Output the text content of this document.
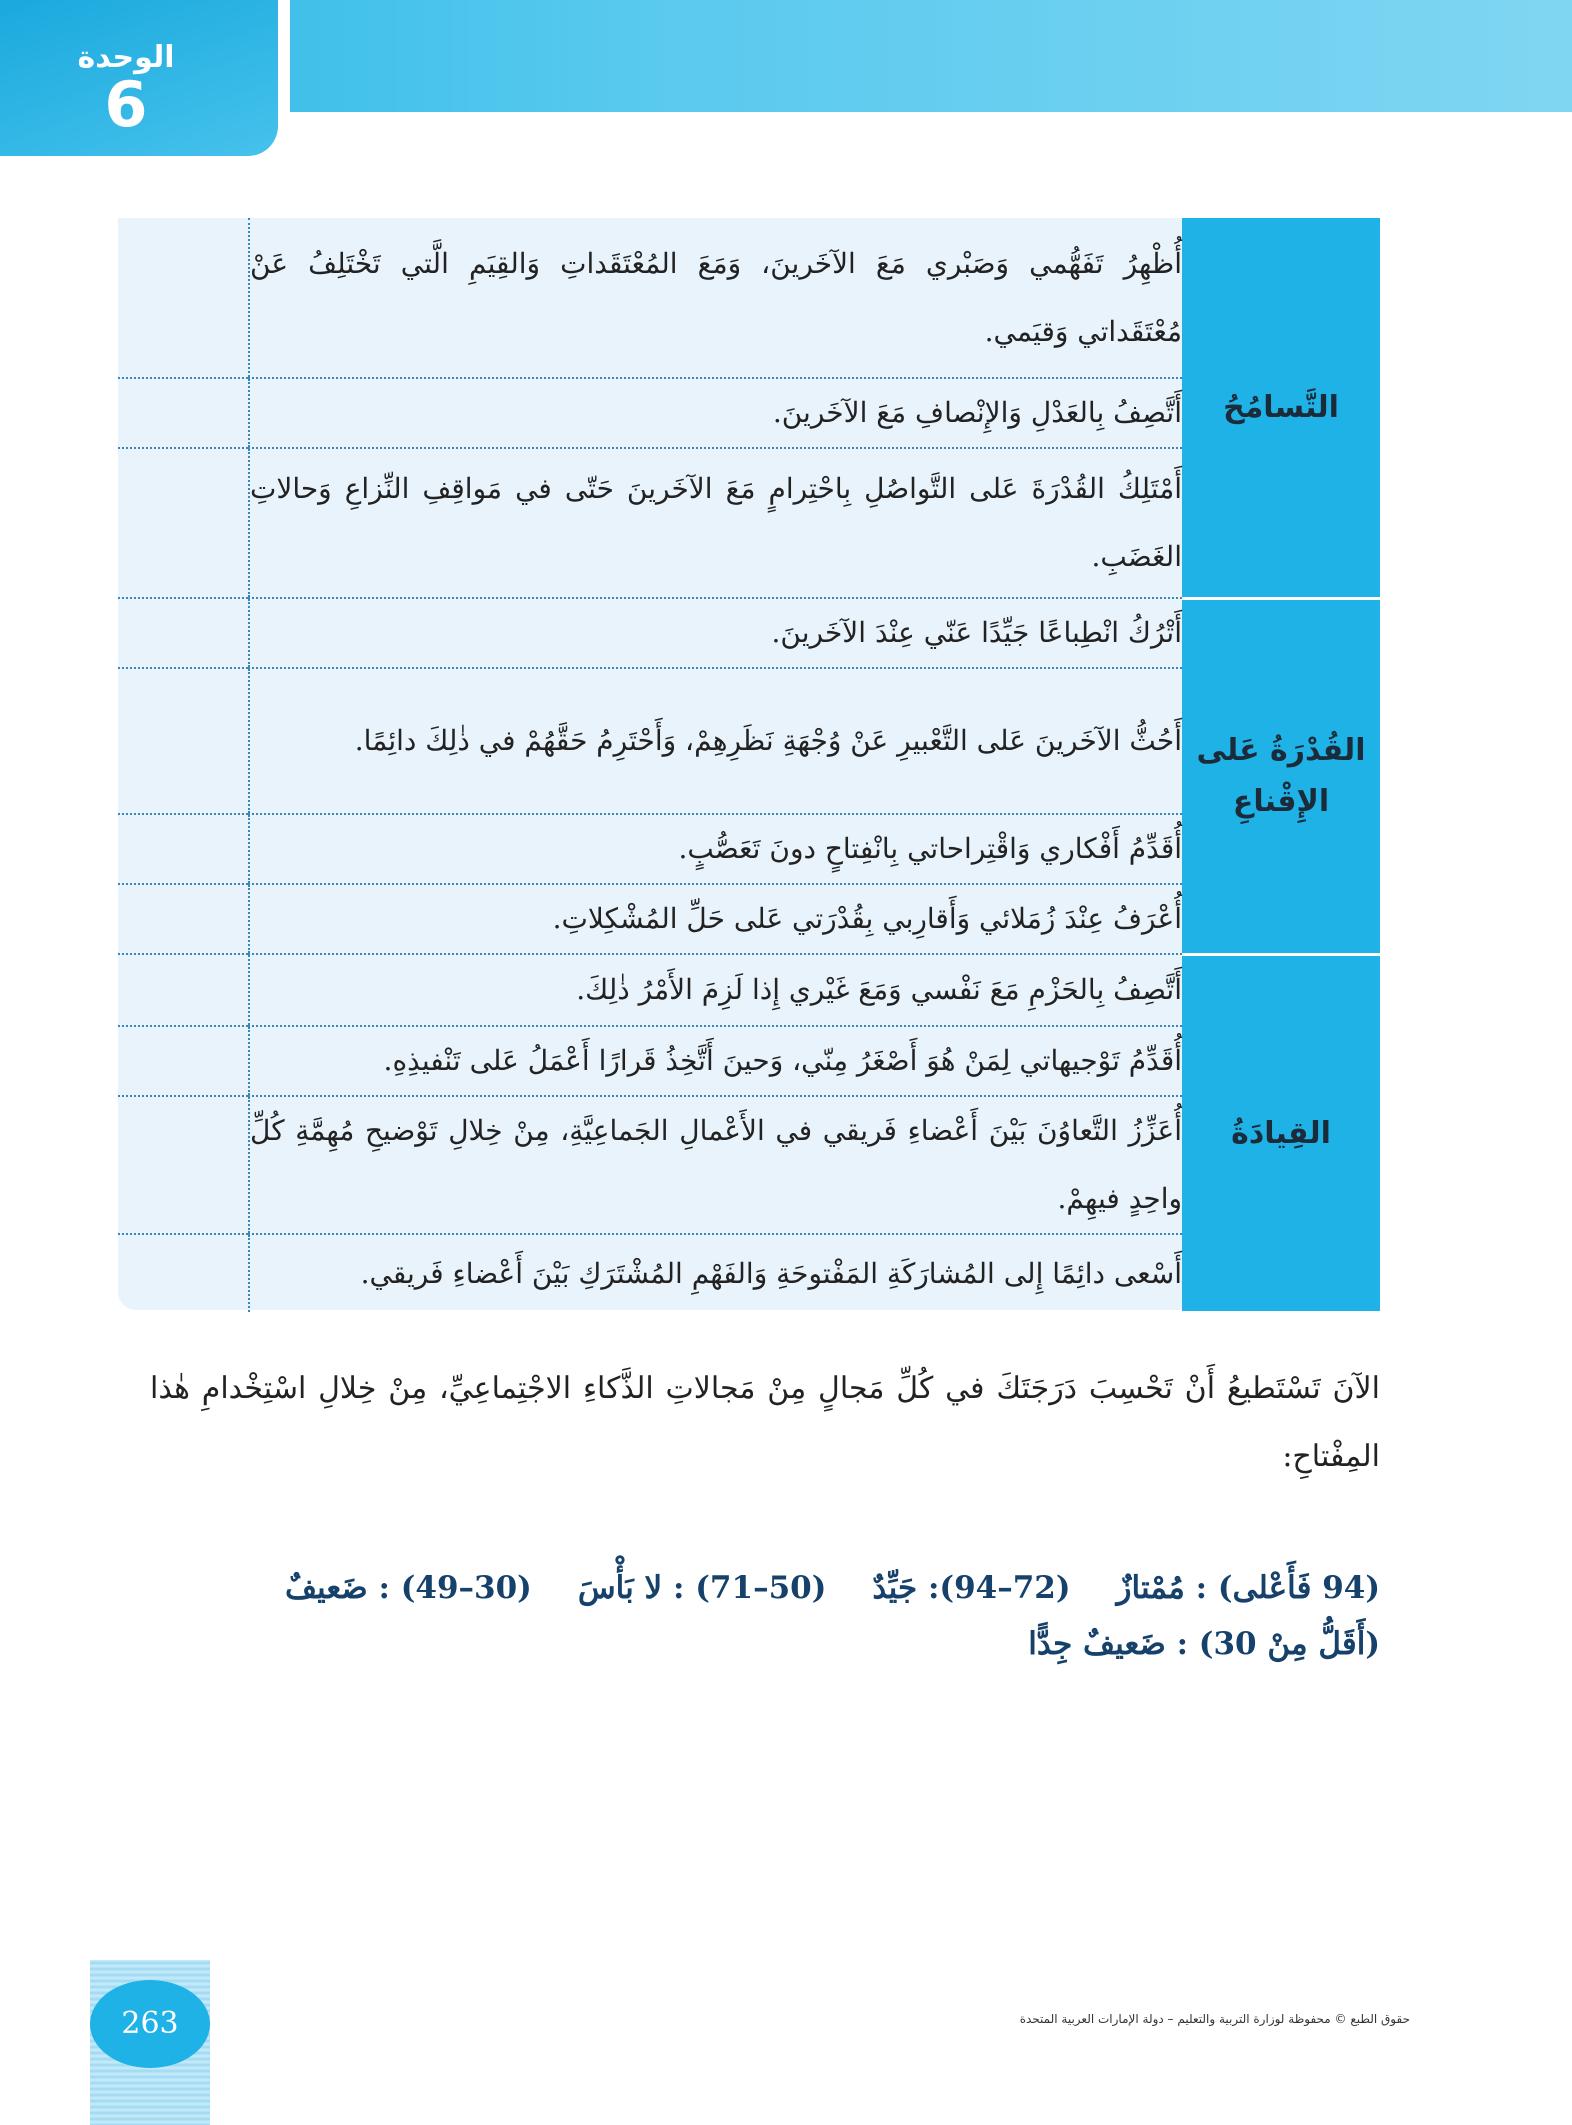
الوحدة
6
التَّسامُحُ	أُظْهِرُ تَفَهُّمي وَصَبْري مَعَ الآخَرينَ، وَمَعَ المُعْتَقَداتِ وَالقِيَمِ الَّتي تَخْتَلِفُ عَنْ مُعْتَقَداتي وَقيَمي.	
	أَتَّصِفُ بِالعَدْلِ وَالإِنْصافِ مَعَ الآخَرينَ.	
	أَمْتَلِكُ القُدْرَةَ عَلى التَّواصُلِ بِاحْتِرامٍ مَعَ الآخَرينَ حَتّى في مَواقِفِ النِّزاعِ وَحالاتِ الغَضَبِ.	
القُدْرَةُ عَلى الإِقْناعِ	أَتْرُكُ انْطِباعًا جَيِّدًا عَنّي عِنْدَ الآخَرينَ.	
	أَحُثُّ الآخَرينَ عَلى التَّعْبيرِ عَنْ وُجْهَةِ نَظَرِهِمْ، وَأَحْتَرِمُ حَقَّهُمْ في ذٰلِكَ دائِمًا.	
	أُقَدِّمُ أَفْكاري وَاقْتِراحاتي بِانْفِتاحٍ دونَ تَعَصُّبٍ.	
	أُعْرَفُ عِنْدَ زُمَلائي وَأَقارِبي بِقُدْرَتي عَلى حَلِّ المُشْكِلاتِ.	
القِيادَةُ	أَتَّصِفُ بِالحَزْمِ مَعَ نَفْسي وَمَعَ غَيْري إِذا لَزِمَ الأَمْرُ ذٰلِكَ.	
	أُقَدِّمُ تَوْجيهاتي لِمَنْ هُوَ أَصْغَرُ مِنّي، وَحينَ أَتَّخِذُ قَرارًا أَعْمَلُ عَلى تَنْفيذِهِ.	
	أُعَزِّزُ التَّعاوُنَ بَيْنَ أَعْضاءِ فَريقي في الأَعْمالِ الجَماعِيَّةِ، مِنْ خِلالِ تَوْضيحِ مُهِمَّةِ كُلِّ واحِدٍ فيهِمْ.	
	أَسْعى دائِمًا إِلى المُشارَكَةِ المَفْتوحَةِ وَالفَهْمِ المُشْتَرَكِ بَيْنَ أَعْضاءِ فَريقي.	

الآنَ تَسْتَطيعُ أَنْ تَحْسِبَ دَرَجَتَكَ في كُلِّ مَجالٍ مِنْ مَجالاتِ الذَّكاءِ الاجْتِماعِيِّ، مِنْ خِلالِ اسْتِخْدامِ هٰذا المِفْتاحِ:

(94 فَأَعْلى) : مُمْتازٌ
(72–94): جَيِّدٌ
(50–71) : لا بَأْسَ
(30–49) : ضَعيفٌ
(أَقَلُّ مِنْ 30) : ضَعيفٌ جِدًّا
263	حقوق الطبع © محفوظة لوزارة التربية والتعليم – دولة الإمارات العربية المتحدة
